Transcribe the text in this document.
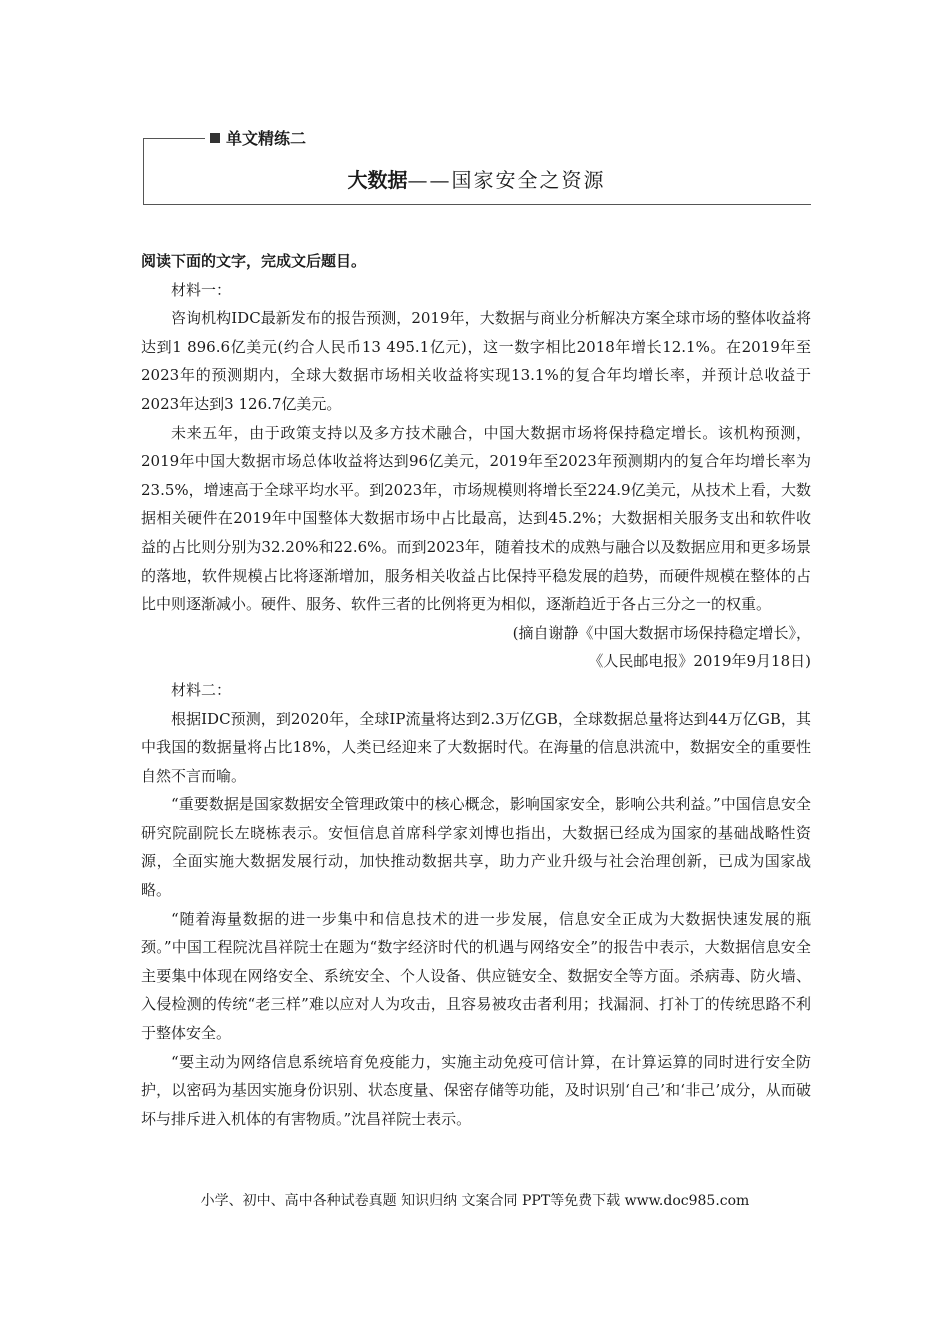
单文精练二
大数据——国家安全之资源

阅读下面的文字，完成文后题目。

材料一：

咨询机构IDC最新发布的报告预测，2019年，大数据与商业分析解决方案全球市场的整体收益将达到1 896.6亿美元(约合人民币13 495.1亿元)，这一数字相比2018年增长12.1%。在2019年至2023年的预测期内，全球大数据市场相关收益将实现13.1%的复合年均增长率，并预计总收益于2023年达到3 126.7亿美元。

未来五年，由于政策支持以及多方技术融合，中国大数据市场将保持稳定增长。该机构预测，2019年中国大数据市场总体收益将达到96亿美元，2019年至2023年预测期内的复合年均增长率为23.5%，增速高于全球平均水平。到2023年，市场规模则将增长至224.9亿美元，从技术上看，大数据相关硬件在2019年中国整体大数据市场中占比最高，达到45.2%；大数据相关服务支出和软件收益的占比则分别为32.20%和22.6%。而到2023年，随着技术的成熟与融合以及数据应用和更多场景的落地，软件规模占比将逐渐增加，服务相关收益占比保持平稳发展的趋势，而硬件规模在整体的占比中则逐渐减小。硬件、服务、软件三者的比例将更为相似，逐渐趋近于各占三分之一的权重。

(摘自谢静《中国大数据市场保持稳定增长》，

《人民邮电报》2019年9月18日)

材料二：

根据IDC预测，到2020年，全球IP流量将达到2.3万亿GB，全球数据总量将达到44万亿GB，其中我国的数据量将占比18%，人类已经迎来了大数据时代。在海量的信息洪流中，数据安全的重要性自然不言而喻。

“重要数据是国家数据安全管理政策中的核心概念，影响国家安全，影响公共利益。”中国信息安全研究院副院长左晓栋表示。安恒信息首席科学家刘博也指出，大数据已经成为国家的基础战略性资源，全面实施大数据发展行动，加快推动数据共享，助力产业升级与社会治理创新，已成为国家战略。

“随着海量数据的进一步集中和信息技术的进一步发展，信息安全正成为大数据快速发展的瓶颈。”中国工程院沈昌祥院士在题为“数字经济时代的机遇与网络安全”的报告中表示，大数据信息安全主要集中体现在网络安全、系统安全、个人设备、供应链安全、数据安全等方面。杀病毒、防火墙、入侵检测的传统“老三样”难以应对人为攻击，且容易被攻击者利用；找漏洞、打补丁的传统思路不利于整体安全。

“要主动为网络信息系统培育免疫能力，实施主动免疫可信计算，在计算运算的同时进行安全防护，以密码为基因实施身份识别、状态度量、保密存储等功能，及时识别‘自己’和‘非己’成分，从而破坏与排斥进入机体的有害物质。”沈昌祥院士表示。

小学、初中、高中各种试卷真题 知识归纳 文案合同 PPT等免费下载 www.doc985.com
